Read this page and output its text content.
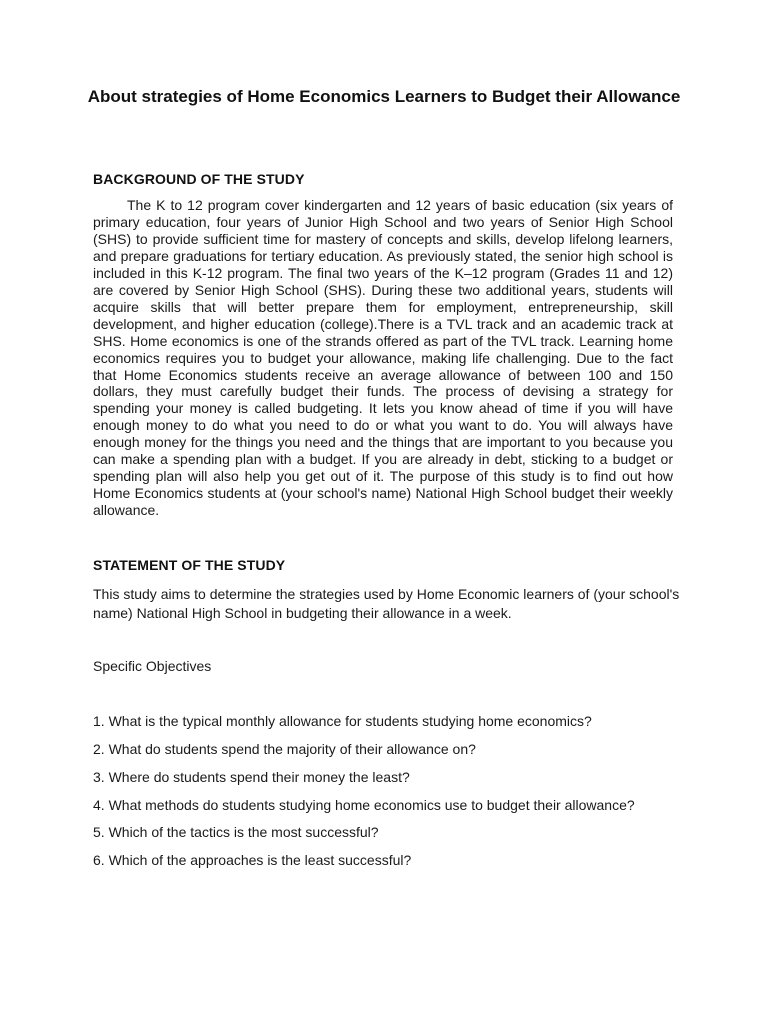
About strategies of Home Economics Learners to Budget their Allowance
BACKGROUND OF THE STUDY

The K to 12 program cover kindergarten and 12 years of basic education (six years of primary education, four years of Junior High School and two years of Senior High School (SHS) to provide sufficient time for mastery of concepts and skills, develop lifelong learners, and prepare graduations for tertiary education. As previously stated, the senior high school is included in this K-12 program. The final two years of the K–12 program (Grades 11 and 12) are covered by Senior High School (SHS). During these two additional years, students will acquire skills that will better prepare them for employment, entrepreneurship, skill development, and higher education (college).There is a TVL track and an academic track at SHS. Home economics is one of the strands offered as part of the TVL track. Learning home economics requires you to budget your allowance, making life challenging. Due to the fact that Home Economics students receive an average allowance of between 100 and 150 dollars, they must carefully budget their funds. The process of devising a strategy for spending your money is called budgeting. It lets you know ahead of time if you will have enough money to do what you need to do or what you want to do. You will always have enough money for the things you need and the things that are important to you because you can make a spending plan with a budget. If you are already in debt, sticking to a budget or spending plan will also help you get out of it. The purpose of this study is to find out how Home Economics students at (your school's name) National High School budget their weekly allowance.

STATEMENT OF THE STUDY

This study aims to determine the strategies used by Home Economic learners of (your school's name) National High School in budgeting their allowance in a week.

Specific Objectives

1. What is the typical monthly allowance for students studying home economics?
2. What do students spend the majority of their allowance on?
3. Where do students spend their money the least?
4. What methods do students studying home economics use to budget their allowance?
5. Which of the tactics is the most successful?
6. Which of the approaches is the least successful?
